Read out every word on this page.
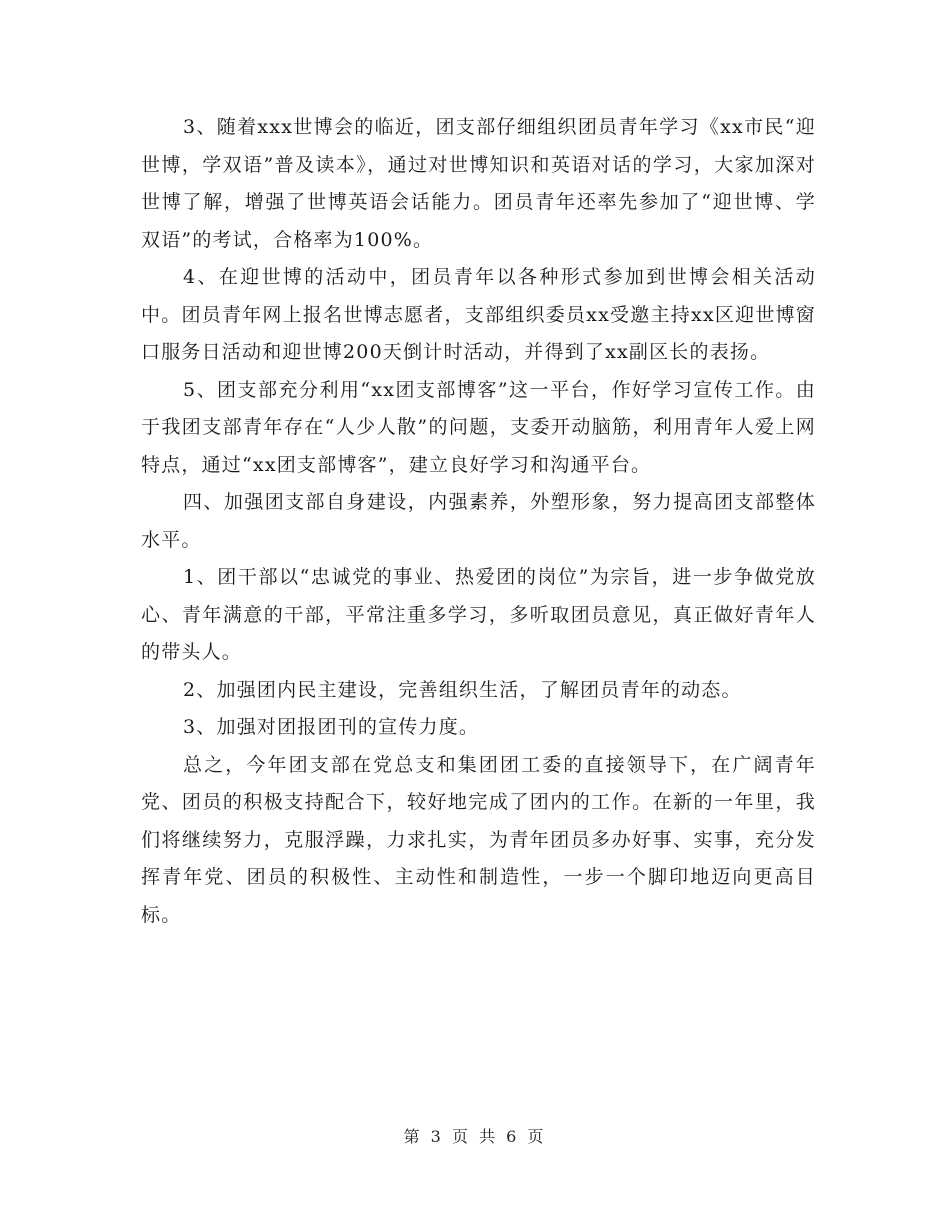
3、随着xxx世博会的临近，团支部仔细组织团员青年学习《xx市民“迎世博，学双语”普及读本》，通过对世博知识和英语对话的学习，大家加深对世博了解，增强了世博英语会话能力。团员青年还率先参加了“迎世博、学双语”的考试，合格率为100%。

4、在迎世博的活动中，团员青年以各种形式参加到世博会相关活动中。团员青年网上报名世博志愿者，支部组织委员xx受邀主持xx区迎世博窗口服务日活动和迎世博200天倒计时活动，并得到了xx副区长的表扬。

5、团支部充分利用“xx团支部博客”这一平台，作好学习宣传工作。由于我团支部青年存在“人少人散”的问题，支委开动脑筋，利用青年人爱上网特点，通过“xx团支部博客”，建立良好学习和沟通平台。

四、加强团支部自身建设，内强素养，外塑形象，努力提高团支部整体水平。

1、团干部以“忠诚党的事业、热爱团的岗位”为宗旨，进一步争做党放心、青年满意的干部，平常注重多学习，多听取团员意见，真正做好青年人的带头人。

2、加强团内民主建设，完善组织生活，了解团员青年的动态。

3、加强对团报团刊的宣传力度。

总之，今年团支部在党总支和集团团工委的直接领导下，在广阔青年党、团员的积极支持配合下，较好地完成了团内的工作。在新的一年里，我们将继续努力，克服浮躁，力求扎实，为青年团员多办好事、实事，充分发挥青年党、团员的积极性、主动性和制造性，一步一个脚印地迈向更高目标。

第 3 页 共 6 页
